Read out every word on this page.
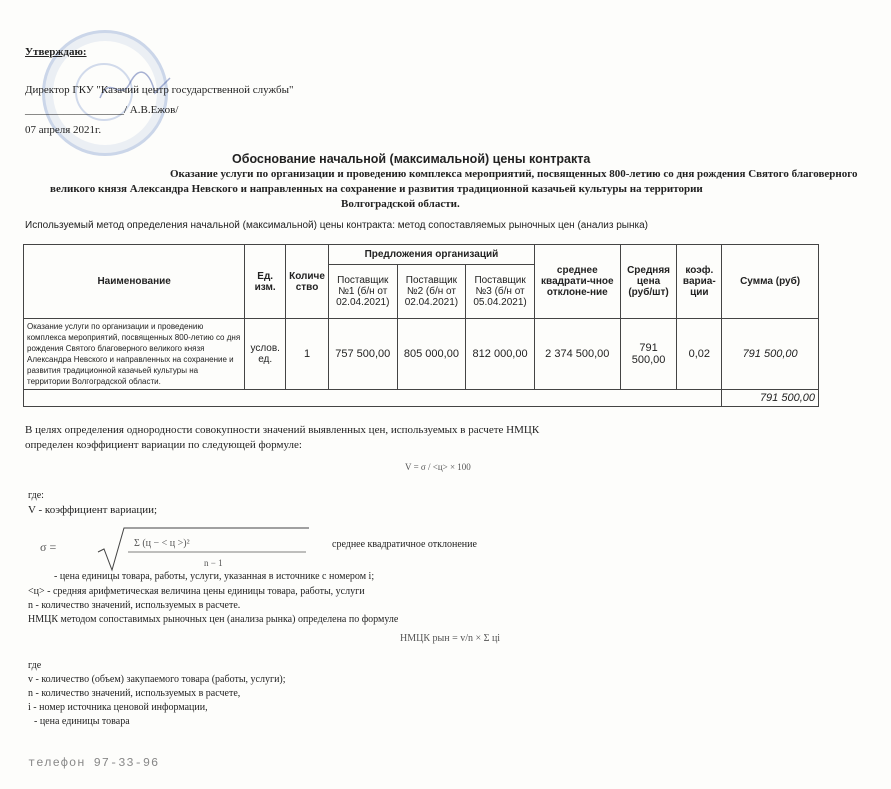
Утверждаю:
Директор ГКУ "Казачий центр государственной службы"
__________________/ А.В.Ежов/
07 апреля 2021г.
Обоснование начальной (максимальной) цены контракта
Оказание услуги по организации и проведению комплекса мероприятий, посвященных 800-летию со дня рождения Святого благоверного
великого князя Александра Невского и направленных на сохранение и развития традиционной казачьей культуры на территории
Волгоградской области.
Используемый метод определения начальной (максимальной) цены контракта: метод сопоставляемых рыночных цен (анализ рынка)
Наименование	Ед. изм.	Количе ство	Предложения организаций			среднее квадрати-чное отклоне-ние	Средняя цена (руб/шт)	коэф. вариа-ции	Сумма (руб)
			Поставщик №1 (б/н от 02.04.2021)	Поставщик №2 (б/н от 02.04.2021)	Поставщик №3 (б/н от 05.04.2021)				
Оказание услуги по организации и проведению комплекса мероприятий, посвященных 800-летию со дня рождения Святого благоверного великого князя Александра Невского и направленных на сохранение и развития традиционной казачьей культуры на территории Волгоградской области.	услов. ед.	1	757 500,00	805 000,00	812 000,00	2 374 500,00	791 500,00	0,02	791 500,00
									791 500,00
В целях определения однородности совокупности значений выявленных цен, используемых в расчете НМЦК
определен коэффициент вариации по следующей формуле:
V = σ / <ц> × 100
где:
V - коэффициент вариации;
σ =	Σ (ц − < ц >)²
n − 1
среднее квадратичное отклонение
- цена единицы товара, работы, услуги, указанная в источнике с номером i;
<ц> - средняя арифметическая величина цены единицы товара, работы, услуги
n - количество значений, используемых в расчете.
НМЦК методом сопоставимых рыночных цен (анализа рынка) определена по формуле
НМЦК рын = v/n × Σ цi
где
v - количество (объем) закупаемого товара (работы, услуги);
n - количество значений, используемых в расчете,
i - номер источника ценовой информации,
- цена единицы товара
телефон 97-33-96
